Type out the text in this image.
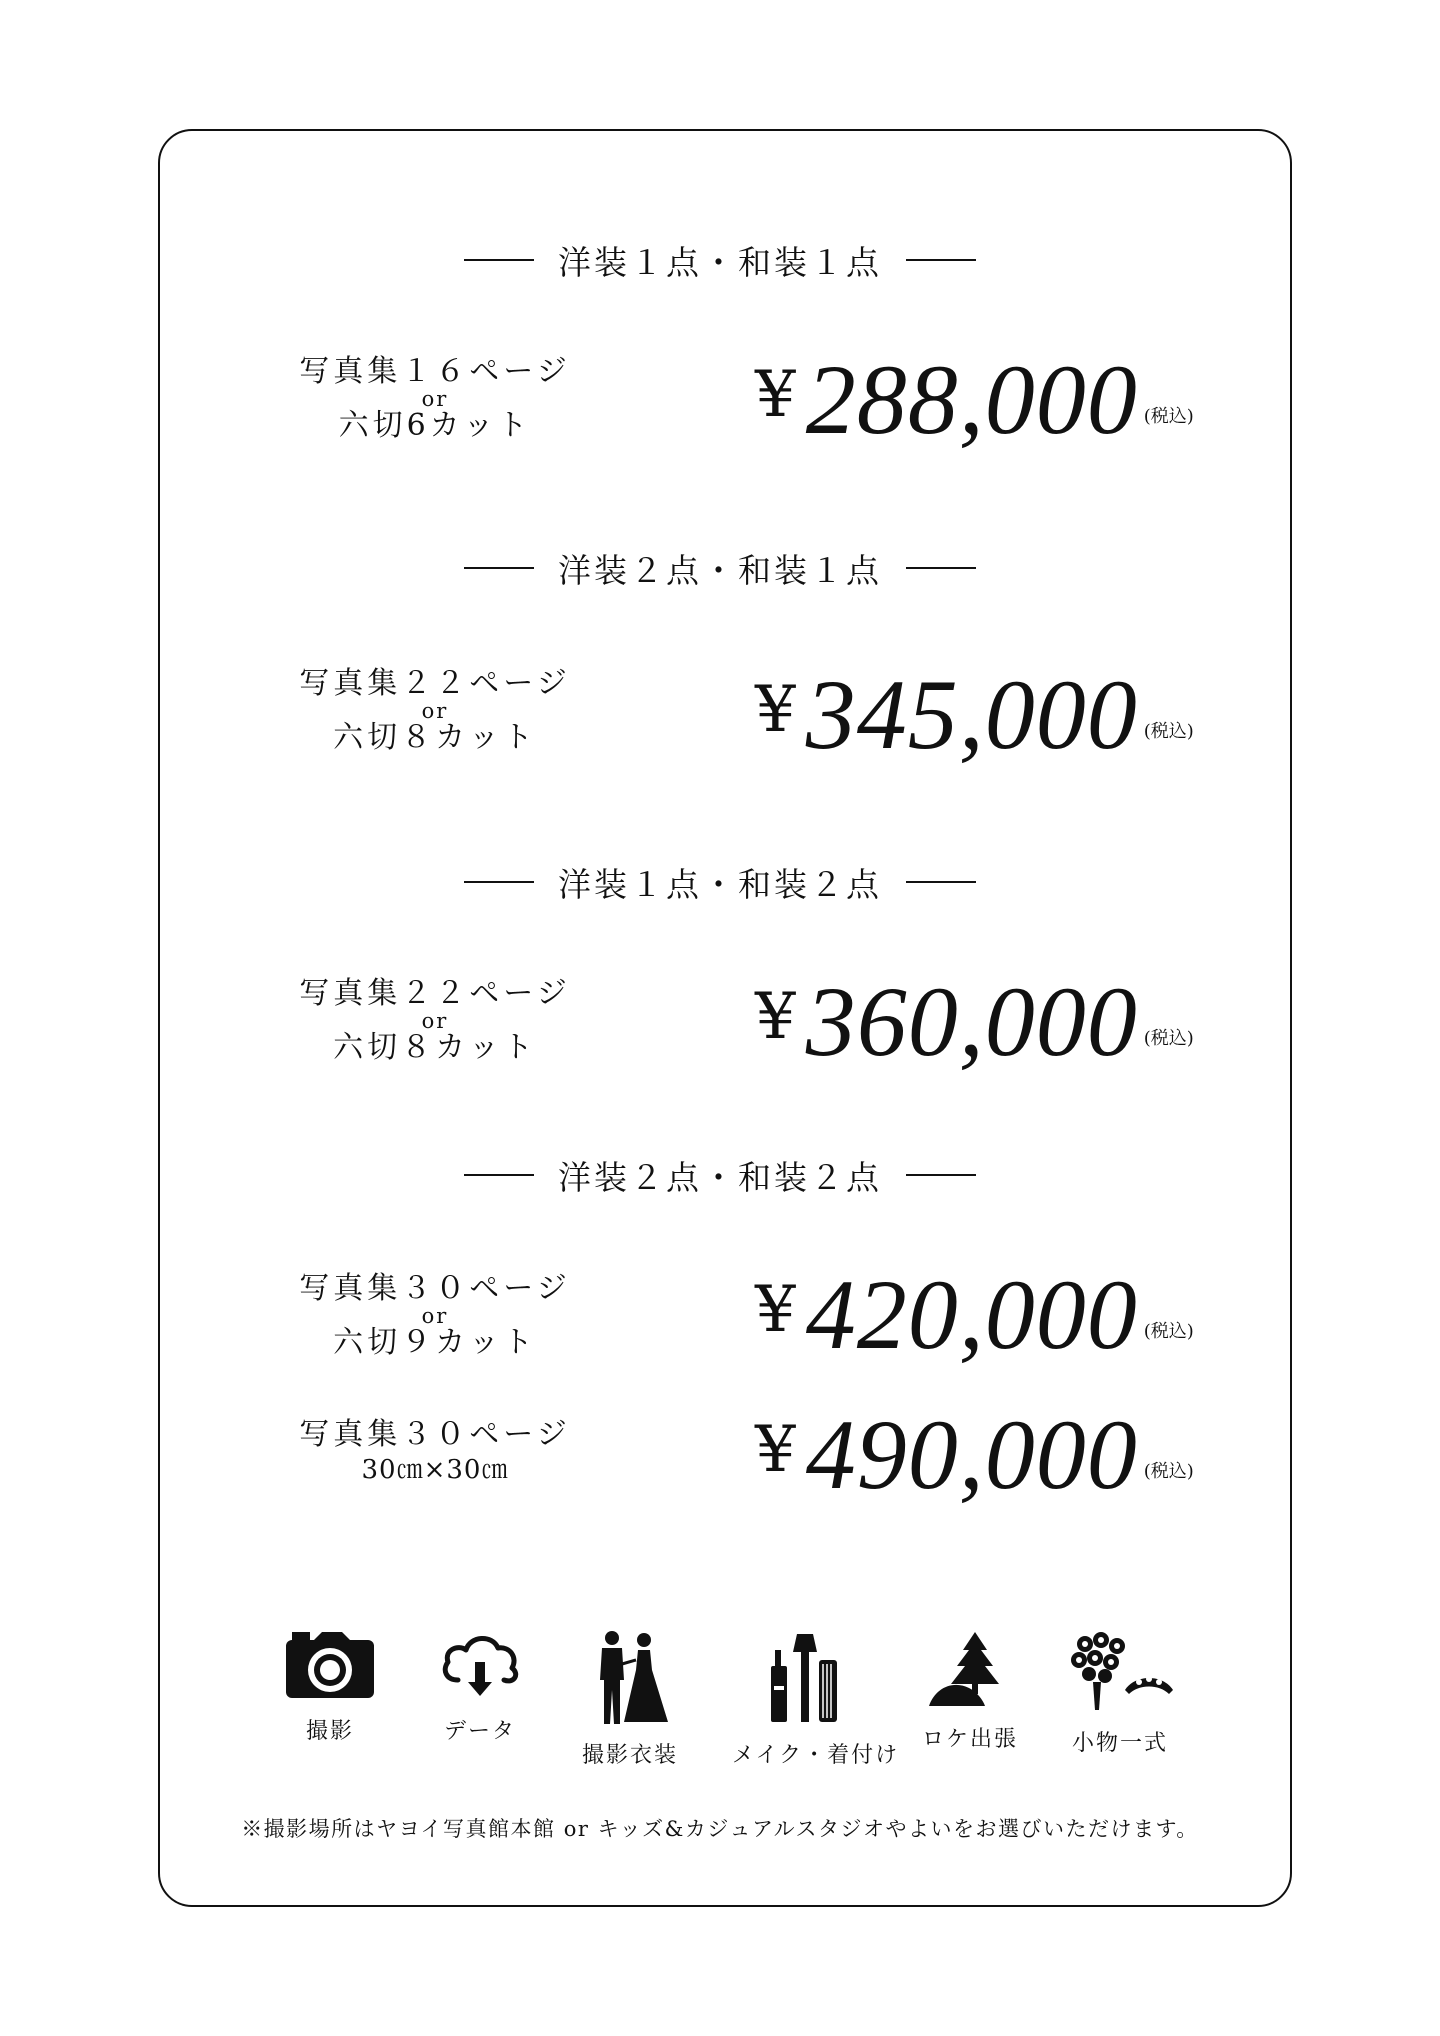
洋装１点・和装１点
写真集１６ページ
or
六切6カット	¥ 288,000 (税込)
洋装２点・和装１点
写真集２２ページ
or
六切８カット	¥ 345,000 (税込)
洋装１点・和装２点
写真集２２ページ
or
六切８カット	¥ 360,000 (税込)
洋装２点・和装２点
写真集３０ページ
or
六切９カット	¥ 420,000 (税込)
写真集３０ページ
30㎝×30㎝	¥ 490,000 (税込)
撮影	データ
撮影衣装	メイク・着付け
ロケ出張	小物一式
※撮影場所はヤヨイ写真館本館 or キッズ&カジュアルスタジオやよいをお選びいただけます。
